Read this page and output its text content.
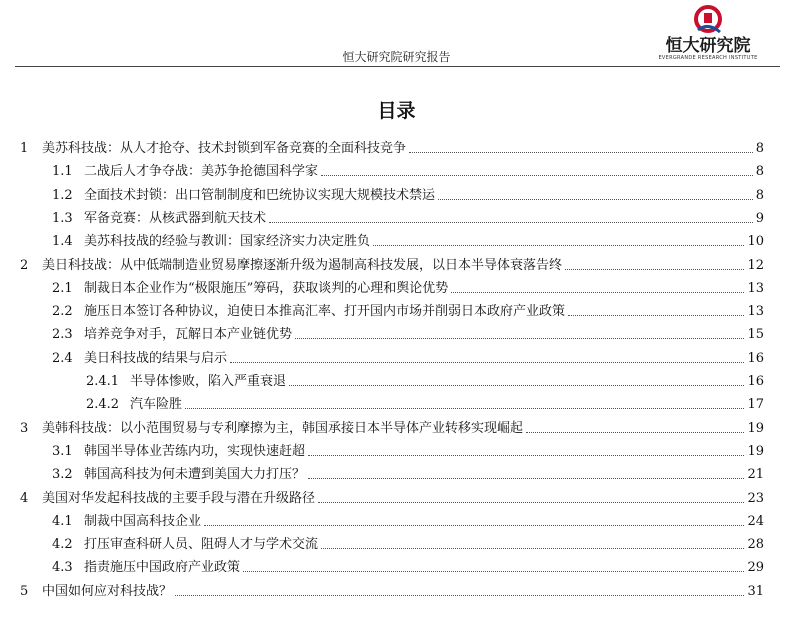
恒大研究院
EVERGRANDE RESEARCH INSTITUTE
恒大研究院研究报告
目录
1	美苏科技战：从人才抢夺、技术封锁到军备竞赛的全面科技竞争	8
1.1 二战后人才争夺战：美苏争抢德国科学家	8
1.2 全面技术封锁：出口管制制度和巴统协议实现大规模技术禁运	8
1.3 军备竞赛：从核武器到航天技术	9
1.4 美苏科技战的经验与教训：国家经济实力决定胜负	10
2	美日科技战：从中低端制造业贸易摩擦逐渐升级为遏制高科技发展，以日本半导体衰落告终	12
2.1 制裁日本企业作为“极限施压”筹码，获取谈判的心理和舆论优势	13
2.2 施压日本签订各种协议，迫使日本推高汇率、打开国内市场并削弱日本政府产业政策	13
2.3 培养竞争对手，瓦解日本产业链优势	15
2.4 美日科技战的结果与启示	16
2.4.1 半导体惨败，陷入严重衰退	16
2.4.2 汽车险胜	17
3	美韩科技战：以小范围贸易与专利摩擦为主，韩国承接日本半导体产业转移实现崛起	19
3.1 韩国半导体业苦练内功，实现快速赶超	19
3.2 韩国高科技为何未遭到美国大力打压？	21
4	美国对华发起科技战的主要手段与潜在升级路径	23
4.1 制裁中国高科技企业	24
4.2 打压审查科研人员、阻碍人才与学术交流	28
4.3 指责施压中国政府产业政策	29
5	中国如何应对科技战？	31
